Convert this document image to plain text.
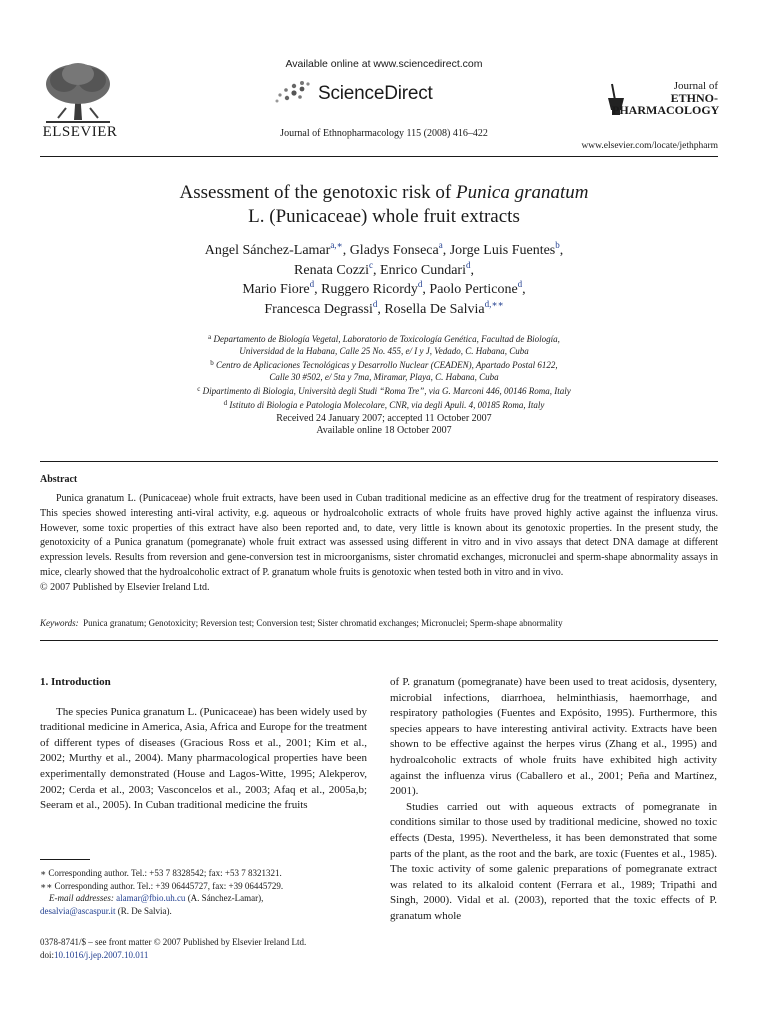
ELSEVIER
Available online at www.sciencedirect.com
ScienceDirect
Journal of Ethnopharmacology 115 (2008) 416–422
Journal of
ETHNO-
PHARMACOLOGY
www.elsevier.com/locate/jethpharm
Assessment of the genotoxic risk of Punica granatum
L. (Punicaceae) whole fruit extracts
Angel Sánchez-Lamar$^{a,∗}$, Gladys Fonseca$^a$, Jorge Luis Fuentes$^b$,
Renata Cozzi$^c$, Enrico Cundari$^d$,
Mario Fiore$^d$, Ruggero Ricordy$^d$, Paolo Perticone$^d$,
Francesca Degrassi$^d$, Rosella De Salvia$^{d,∗∗}$
$^a$ Departamento de Biología Vegetal, Laboratorio de Toxicología Genética, Facultad de Biología,
Universidad de la Habana, Calle 25 No. 455, e/ I y J, Vedado, C. Habana, Cuba
$^b$ Centro de Aplicaciones Tecnológicas y Desarrollo Nuclear (CEADEN), Apartado Postal 6122,
Calle 30 #502, e/ 5ta y 7ma, Miramar, Playa, C. Habana, Cuba
$^c$ Dipartimento di Biologia, Università degli Studi “Roma Tre”, via G. Marconi 446, 00146 Roma, Italy
$^d$ Istituto di Biologia e Patologia Molecolare, CNR, via degli Apuli. 4, 00185 Roma, Italy
Received 24 January 2007; accepted 11 October 2007
Available online 18 October 2007
Abstract

Punica granatum L. (Punicaceae) whole fruit extracts, have been used in Cuban traditional medicine as an effective drug for the treatment of respiratory diseases. This species showed interesting anti-viral activity, e.g. aqueous or hydroalcoholic extracts of whole fruits have proved highly active against the influenza virus. However, some toxic properties of this extract have also been reported and, to date, very little is known about its genotoxic properties. In the present study, the genotoxicity of a Punica granatum (pomegranate) whole fruit extract was assessed using different in vitro and in vivo assays that detect DNA damage at different expression levels. Results from reversion and gene-conversion test in microorganisms, sister chromatid exchanges, micronuclei and sperm-shape abnormality assays in mice, clearly showed that the hydroalcoholic extract of P. granatum whole fruits is genotoxic when tested both in vitro and in vivo.

© 2007 Published by Elsevier Ireland Ltd.

Keywords: Punica granatum; Genotoxicity; Reversion test; Conversion test; Sister chromatid exchanges; Micronuclei; Sperm-shape abnormality
1. Introduction

The species Punica granatum L. (Punicaceae) has been widely used by traditional medicine in America, Asia, Africa and Europe for the treatment of different types of diseases (Gracious Ross et al., 2001; Kim et al., 2002; Murthy et al., 2004). Many pharmacological properties have been experimentally demonstrated (House and Lagos-Witte, 1995; Alekperov, 2002; Cerda et al., 2003; Vasconcelos et al., 2003; Afaq et al., 2005a,b; Seeram et al., 2005). In Cuban traditional medicine the fruits

of P. granatum (pomegranate) have been used to treat acidosis, dysentery, microbial infections, diarrhoea, helminthiasis, haemorrhage, and respiratory pathologies (Fuentes and Expósito, 1995). Furthermore, this species appears to have interesting antiviral activity. Extracts have been shown to be effective against the herpes virus (Zhang et al., 1995) and hydroalcoholic extracts of whole fruits have exhibited high activity against the influenza virus (Caballero et al., 2001; Peña and Martínez, 2001).

Studies carried out with aqueous extracts of pomegranate in conditions similar to those used by traditional medicine, showed no toxic effects (Desta, 1995). Nevertheless, it has been demonstrated that some parts of the plant, as the root and the bark, are toxic (Fuentes et al., 1985). The toxic activity of some galenic preparations of pomegranate extract was related to its alkaloid content (Ferrara et al., 1989; Tripathi and Singh, 2000). Vidal et al. (2003), reported that the toxic effects of P. granatum whole

∗ Corresponding author. Tel.: +53 7 8328542; fax: +53 7 8321321.
∗∗ Corresponding author. Tel.: +39 06445727, fax: +39 06445729.
E-mail addresses: alamar@fbio.uh.cu (A. Sánchez-Lamar),
desalvia@ascaspur.it (R. De Salvia).
0378-8741/$ – see front matter © 2007 Published by Elsevier Ireland Ltd.
doi:10.1016/j.jep.2007.10.011
